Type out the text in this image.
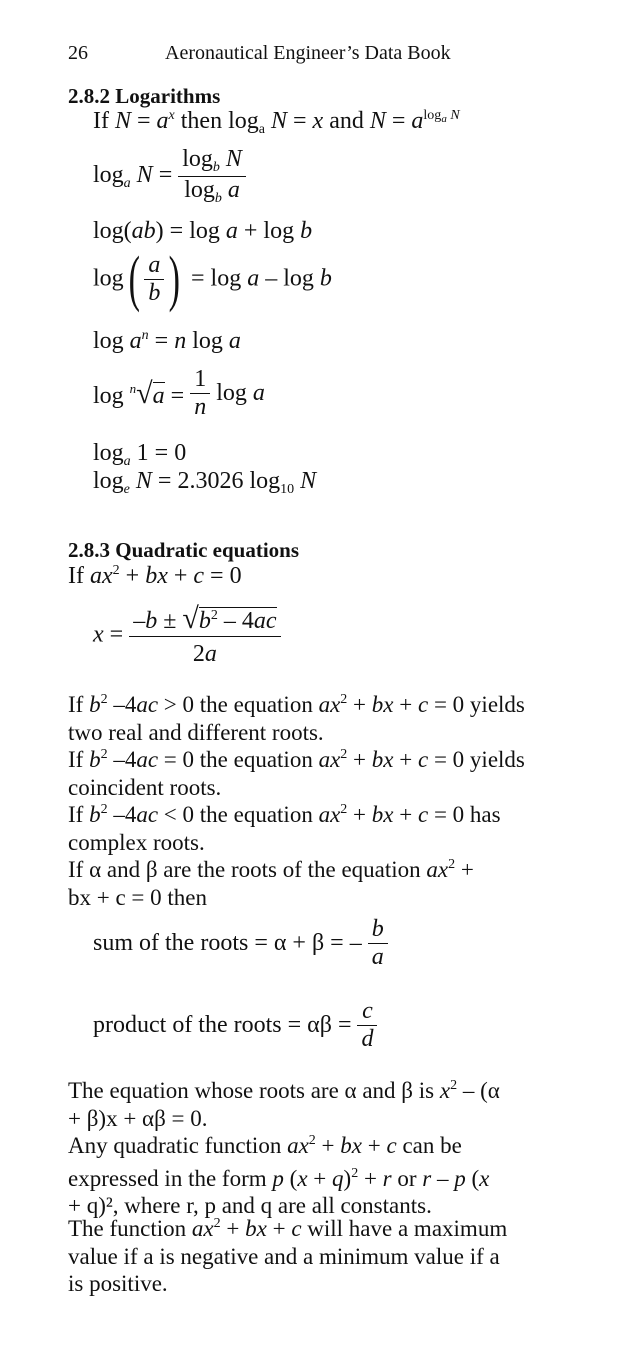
26	Aeronautical Engineer’s Data Book
2.8.2 Logarithms
If $N = a^x$ then $\log_a N = x$ and $N = a^{log_a N}$
$\log_a N = \frac{\log_b N}{\log_b a}$
log(ab) = log a + log b
$\log( \frac{a}{b}$ ) = log a – log b
$\log a^n = n$ log a
$\log ^n√a = \frac{1}{n}$ log a
$\log_a 1 = 0$
$\log_e N = 2.3026$ $\log_{10} N$
2.8.3 Quadratic equations
If $ax^2$ + bx + c = 0
$x = \frac{-b \pm √b^2 - 4ac}{2a}$
If $b^2$ –4ac > 0 the equation $ax^2$ + bx + c = 0 yields
two real and different roots.
If $b^2$ –4ac = 0 the equation $ax^2$ + bx + c = 0 yields
coincident roots.
If $b^2$ –4ac < 0 the equation $ax^2$ + bx + c = 0 has
complex roots.
If α and β are the roots of the equation $ax^2$ +
bx + c = 0 then
sum of the roots = α + β = – $\frac{b}{a}$
product of the roots = $\alpha\beta = \frac{c}{d}$
The equation whose roots are α and β is $x^2 - (\alpha$
+ β)x + αβ = 0.
Any quadratic function $ax^2$ + bx + c can be
expressed in the form p $(x + q)^2 + r$ or r – p (x
+ q)², where r, p and q are all constants.
The function $ax^2$ + bx + c will have a maximum
value if a is negative and a minimum value if a
is positive.
